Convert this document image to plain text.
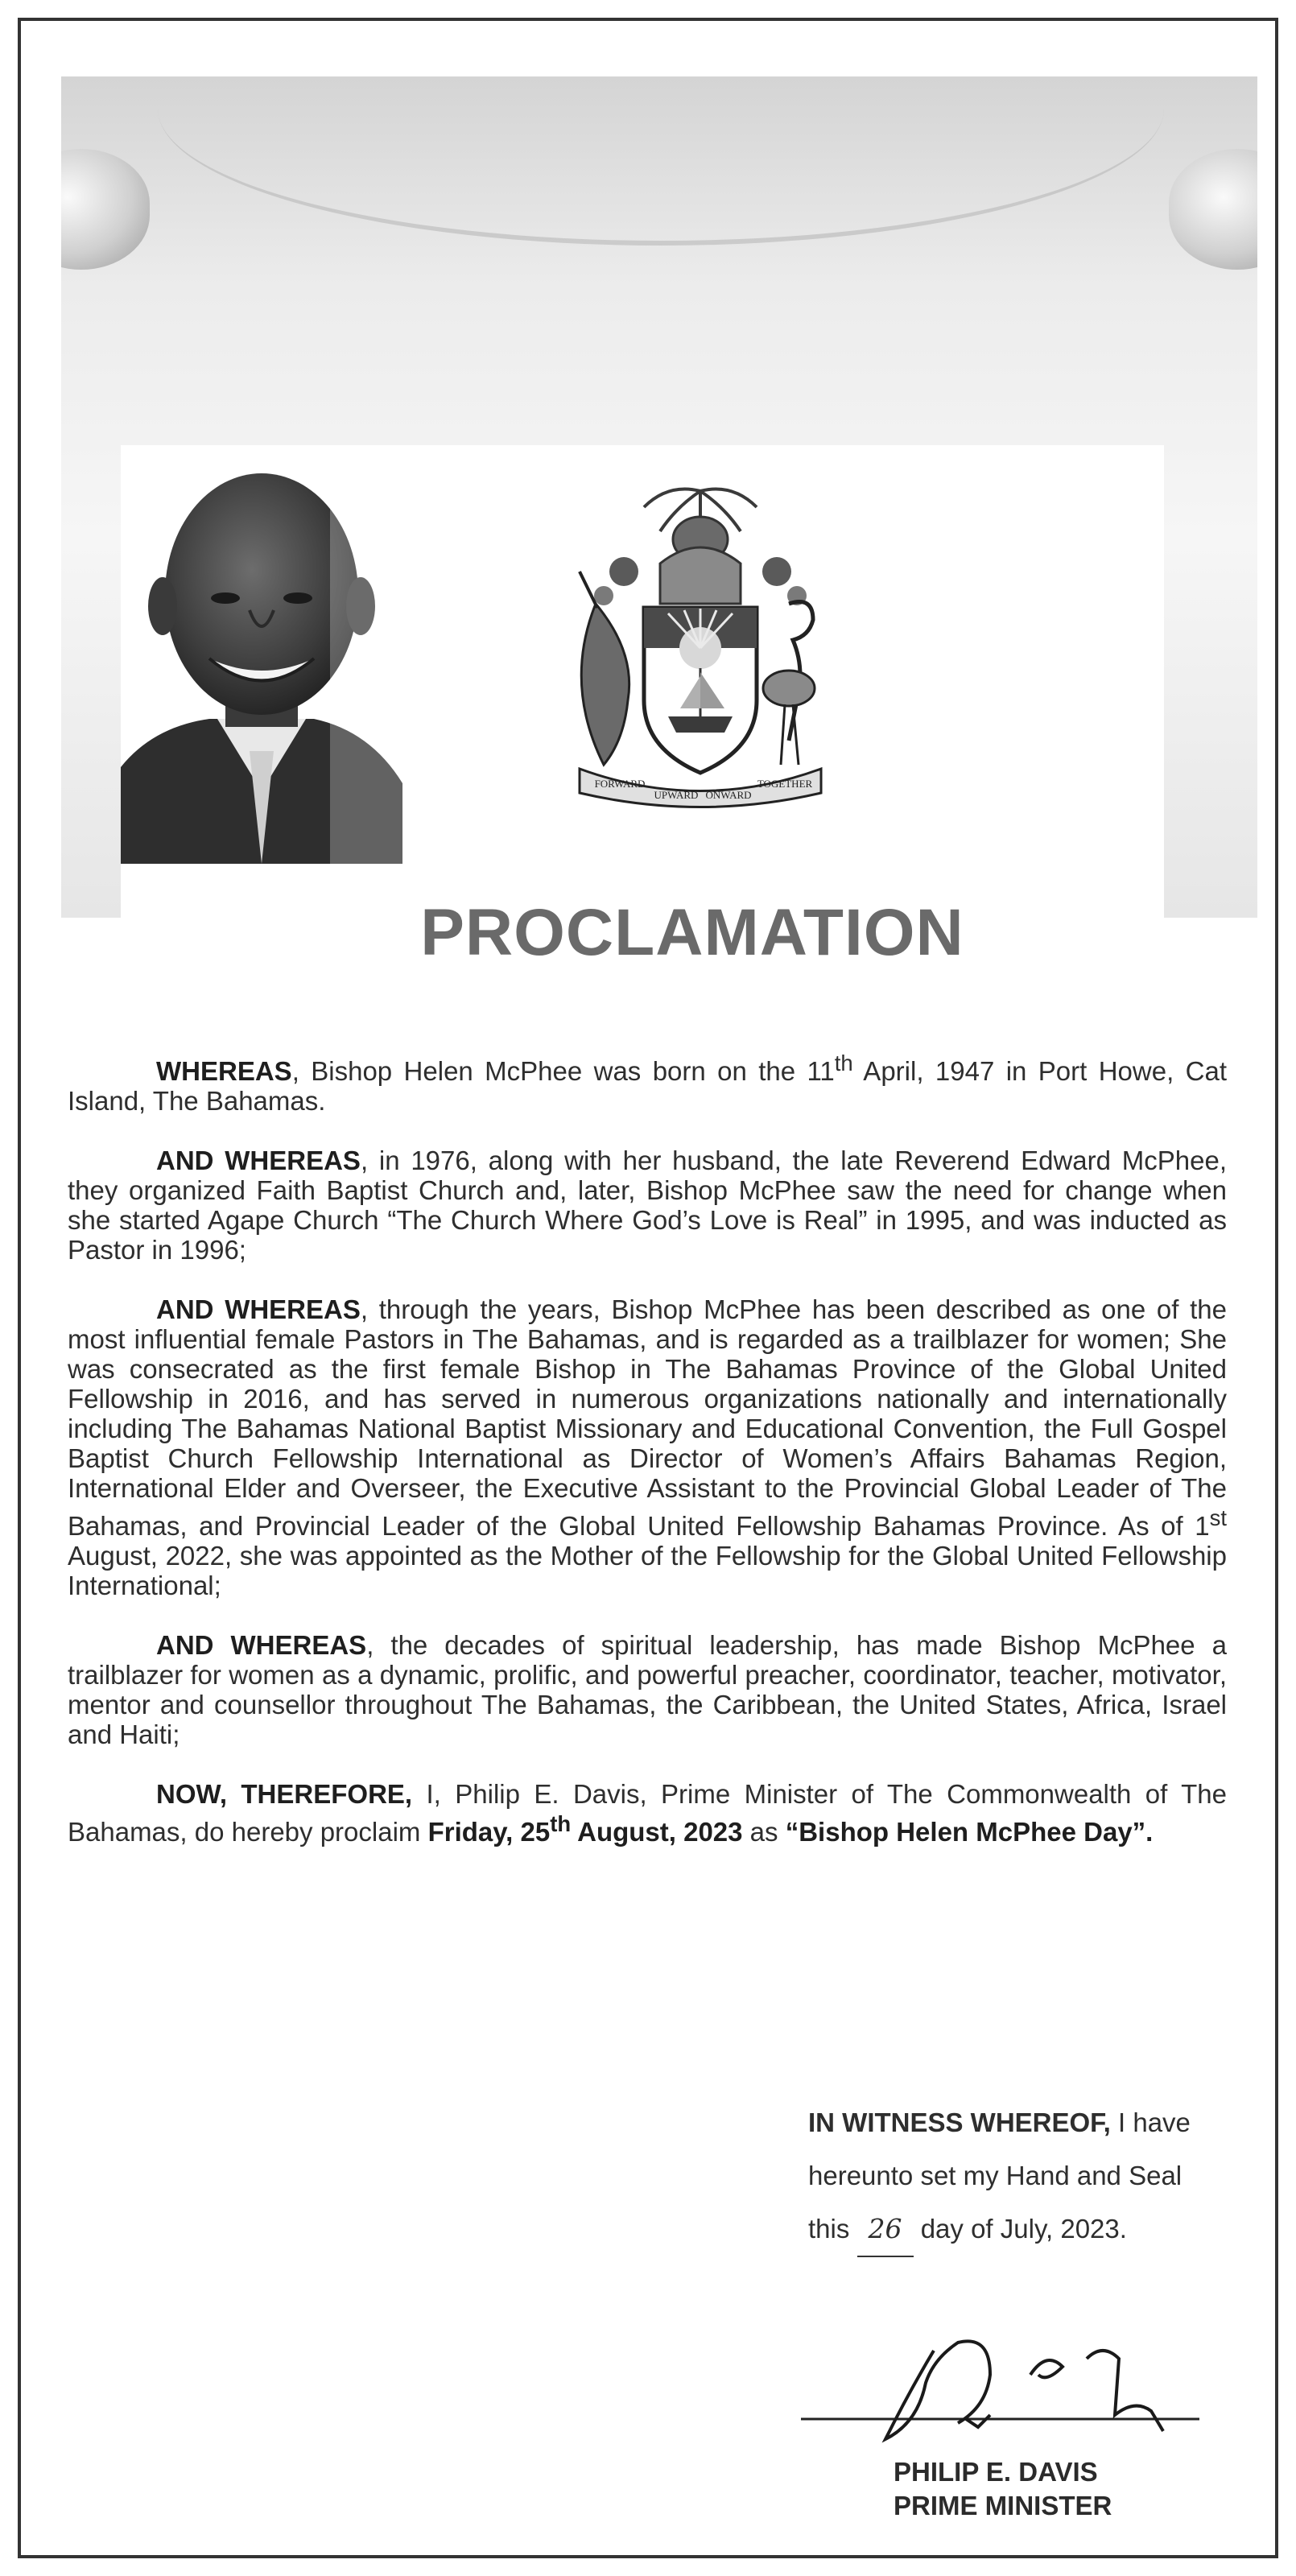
FORWARD
UPWARD ONWARD
TOGETHER
PROCLAMATION

WHEREAS, Bishop Helen McPhee was born on the 11th April, 1947 in Port Howe, Cat Island, The Bahamas.

AND WHEREAS, in 1976, along with her husband, the late Reverend Edward McPhee, they organized Faith Baptist Church and, later, Bishop McPhee saw the need for change when she started Agape Church “The Church Where God’s Love is Real” in 1995, and was inducted as Pastor in 1996;

AND WHEREAS, through the years, Bishop McPhee has been described as one of the most influential female Pastors in The Bahamas, and is regarded as a trailblazer for women; She was consecrated as the first female Bishop in The Bahamas Province of the Global United Fellowship in 2016, and has served in numerous organizations nationally and internationally including The Bahamas National Baptist Missionary and Educational Convention, the Full Gospel Baptist Church Fellowship International as Director of Women’s Affairs Bahamas Region, International Elder and Overseer, the Executive Assistant to the Provincial Global Leader of The Bahamas, and Provincial Leader of the Global United Fellowship Bahamas Province. As of 1st August, 2022, she was appointed as the Mother of the Fellowship for the Global United Fellowship International;

AND WHEREAS, the decades of spiritual leadership, has made Bishop McPhee a trailblazer for women as a dynamic, prolific, and powerful preacher, coordinator, teacher, motivator, mentor and counsellor throughout The Bahamas, the Caribbean, the United States, Africa, Israel and Haiti;

NOW, THEREFORE, I, Philip E. Davis, Prime Minister of The Commonwealth of The Bahamas, do hereby proclaim Friday, 25th August, 2023 as “Bishop Helen McPhee Day”.

IN WITNESS WHEREOF, I have
hereunto set my Hand and Seal
this 26 day of July, 2023.
PHILIP E. DAVIS
PRIME MINISTER
